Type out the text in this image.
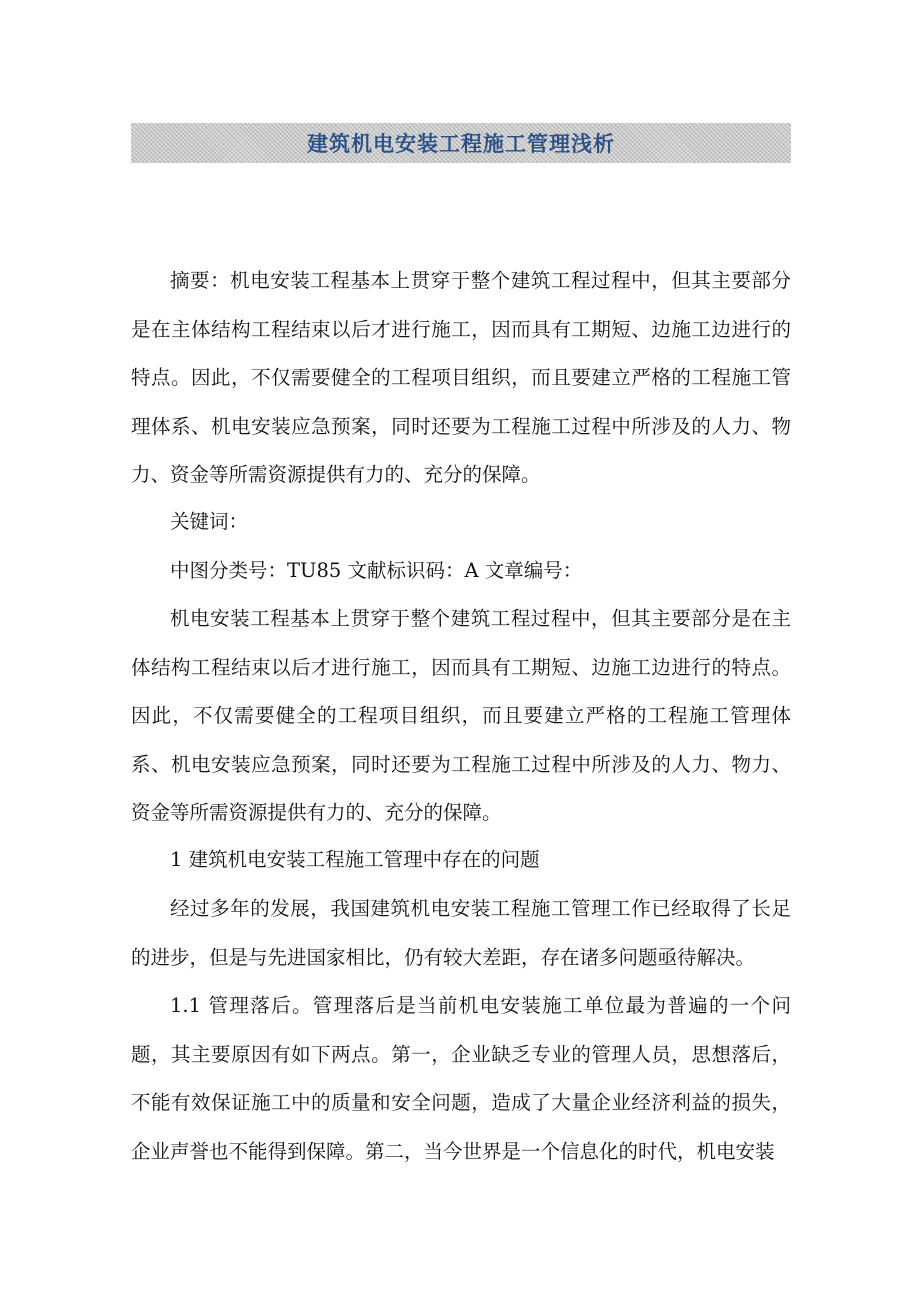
建筑机电安装工程施工管理浅析

摘要：机电安装工程基本上贯穿于整个建筑工程过程中，但其主要部分是在主体结构工程结束以后才进行施工，因而具有工期短、边施工边进行的特点。因此，不仅需要健全的工程项目组织，而且要建立严格的工程施工管理体系、机电安装应急预案，同时还要为工程施工过程中所涉及的人力、物力、资金等所需资源提供有力的、充分的保障。

关键词：

中图分类号：TU85 文献标识码：A 文章编号：

机电安装工程基本上贯穿于整个建筑工程过程中，但其主要部分是在主体结构工程结束以后才进行施工，因而具有工期短、边施工边进行的特点。因此，不仅需要健全的工程项目组织，而且要建立严格的工程施工管理体系、机电安装应急预案，同时还要为工程施工过程中所涉及的人力、物力、资金等所需资源提供有力的、充分的保障。

1 建筑机电安装工程施工管理中存在的问题

经过多年的发展，我国建筑机电安装工程施工管理工作已经取得了长足的进步，但是与先进国家相比，仍有较大差距，存在诸多问题亟待解决。

1.1 管理落后。管理落后是当前机电安装施工单位最为普遍的一个问题，其主要原因有如下两点。第一，企业缺乏专业的管理人员，思想落后，不能有效保证施工中的质量和安全问题，造成了大量企业经济利益的损失，企业声誉也不能得到保障。第二，当今世界是一个信息化的时代，机电安装
